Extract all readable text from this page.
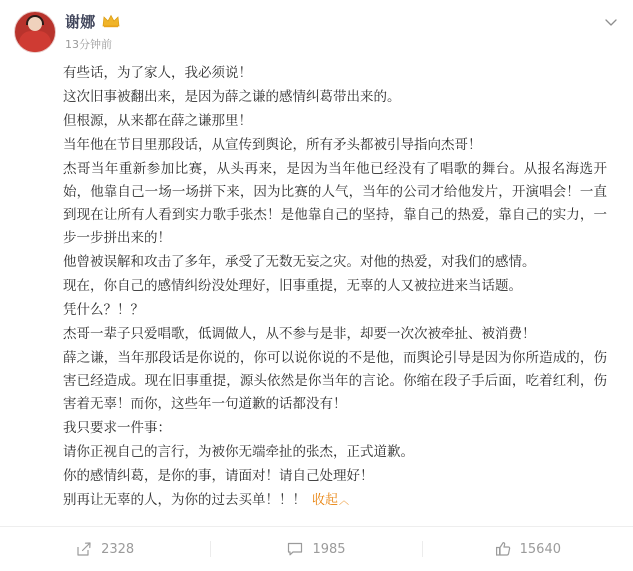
谢娜
13分钟前

有些话，为了家人，我必须说！

这次旧事被翻出来，是因为薛之谦的感情纠葛带出来的。

但根源，从来都在薛之谦那里！

当年他在节目里那段话，从宣传到舆论，所有矛头都被引导指向杰哥！

杰哥当年重新参加比赛，从头再来，是因为当年他已经没有了唱歌的舞台。从报名海选开始，他靠自己一场一场拼下来，因为比赛的人气，当年的公司才给他发片，开演唱会！一直到现在让所有人看到实力歌手张杰！是他靠自己的坚持，靠自己的热爱，靠自己的实力，一步一步拼出来的！

他曾被误解和攻击了多年，承受了无数无妄之灾。对他的热爱，对我们的感情。

现在，你自己的感情纠纷没处理好，旧事重提，无辜的人又被拉进来当话题。

凭什么？！？

杰哥一辈子只爱唱歌，低调做人，从不参与是非，却要一次次被牵扯、被消费！

薛之谦，当年那段话是你说的，你可以说你说的不是他，而舆论引导是因为你所造成的，伤害已经造成。现在旧事重提，源头依然是你当年的言论。你缩在段子手后面，吃着红利，伤害着无辜！而你，这些年一句道歉的话都没有！

我只要求一件事：

请你正视自己的言行，为被你无端牵扯的张杰，正式道歉。

你的感情纠葛，是你的事，请面对！请自己处理好！

别再让无辜的人，为你的过去买单！！！ 收起︿

2328	1985	15640
